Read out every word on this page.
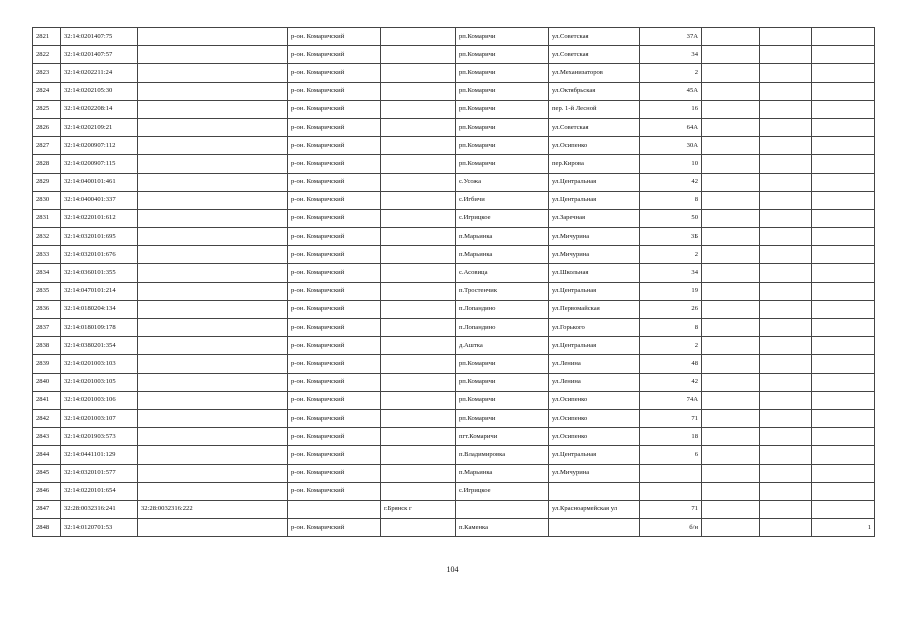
2821	32:14:0201407:75		р-он. Комаричский		рп.Комаричи	ул.Советская	37А			
2822	32:14:0201407:57		р-он. Комаричский		рп.Комаричи	ул.Советская	34			
2823	32:14:0202211:24		р-он. Комаричский		рп.Комаричи	ул.Механизаторов	2			
2824	32:14:0202105:30		р-он. Комаричский		рп.Комаричи	ул.Октябрьская	45А			
2825	32:14:0202208:14		р-он. Комаричский		рп.Комаричи	пер. 1-й Лесной	16			
2826	32:14:0202109:21		р-он. Комаричский		рп.Комаричи	ул.Советская	64А			
2827	32:14:0200907:112		р-он. Комаричский		рп.Комаричи	ул.Осипенко	30А			
2828	32:14:0200907:115		р-он. Комаричский		рп.Комаричи	пер.Кирова	10			
2829	32:14:0400101:461		р-он. Комаричский		с.Усожа	ул.Центральная	42			
2830	32:14:0400401:337		р-он. Комаричский		с.Игбичи	ул.Центральная	8			
2831	32:14:0220101:612		р-он. Комаричский		с.Игрицкое	ул.Заречная	50			
2832	32:14:0320101:695		р-он. Комаричский		п.Марьинка	ул.Мичурина	3Б			
2833	32:14:0320101:676		р-он. Комаричский		п.Марьинка	ул.Мичурина	2			
2834	32:14:0360101:355		р-он. Комаричский		с.Асовица	ул.Школьная	34			
2835	32:14:0470101:214		р-он. Комаричский		п.Тростенчик	ул.Центральная	19			
2836	32:14:0180204:134		р-он. Комаричский		п.Лопандино	ул.Первомайская	26			
2837	32:14:0180109:178		р-он. Комаричский		п.Лопандино	ул.Горького	8			
2838	32:14:0380201:354		р-он. Комаричский		д.Аштка	ул.Центральная	2			
2839	32:14:0201003:103		р-он. Комаричский		рп.Комаричи	ул.Ленина	48			
2840	32:14:0201003:105		р-он. Комаричский		рп.Комаричи	ул.Ленина	42			
2841	32:14:0201003:106		р-он. Комаричский		рп.Комаричи	ул.Осипенко	74А			
2842	32:14:0201003:107		р-он. Комаричский		рп.Комаричи	ул.Осипенко	71			
2843	32:14:0201903:573		р-он. Комаричский		пгт.Комаричи	ул.Осипенко	18			
2844	32:14:0441101:129		р-он. Комаричский		п.Владимировка	ул.Центральная	6			
2845	32:14:0320101:577		р-он. Комаричский		п.Марьинка	ул.Мичурина				
2846	32:14:0220101:654		р-он. Комаричский		с.Игрицкое					
2847	32:28:0032316:241	32:28:0032316:222		г.Брянск г		ул.Красноармейская ул	71			
2848	32:14:0120701:53		р-он. Комаричский		п.Каменка		б/н			1
104
